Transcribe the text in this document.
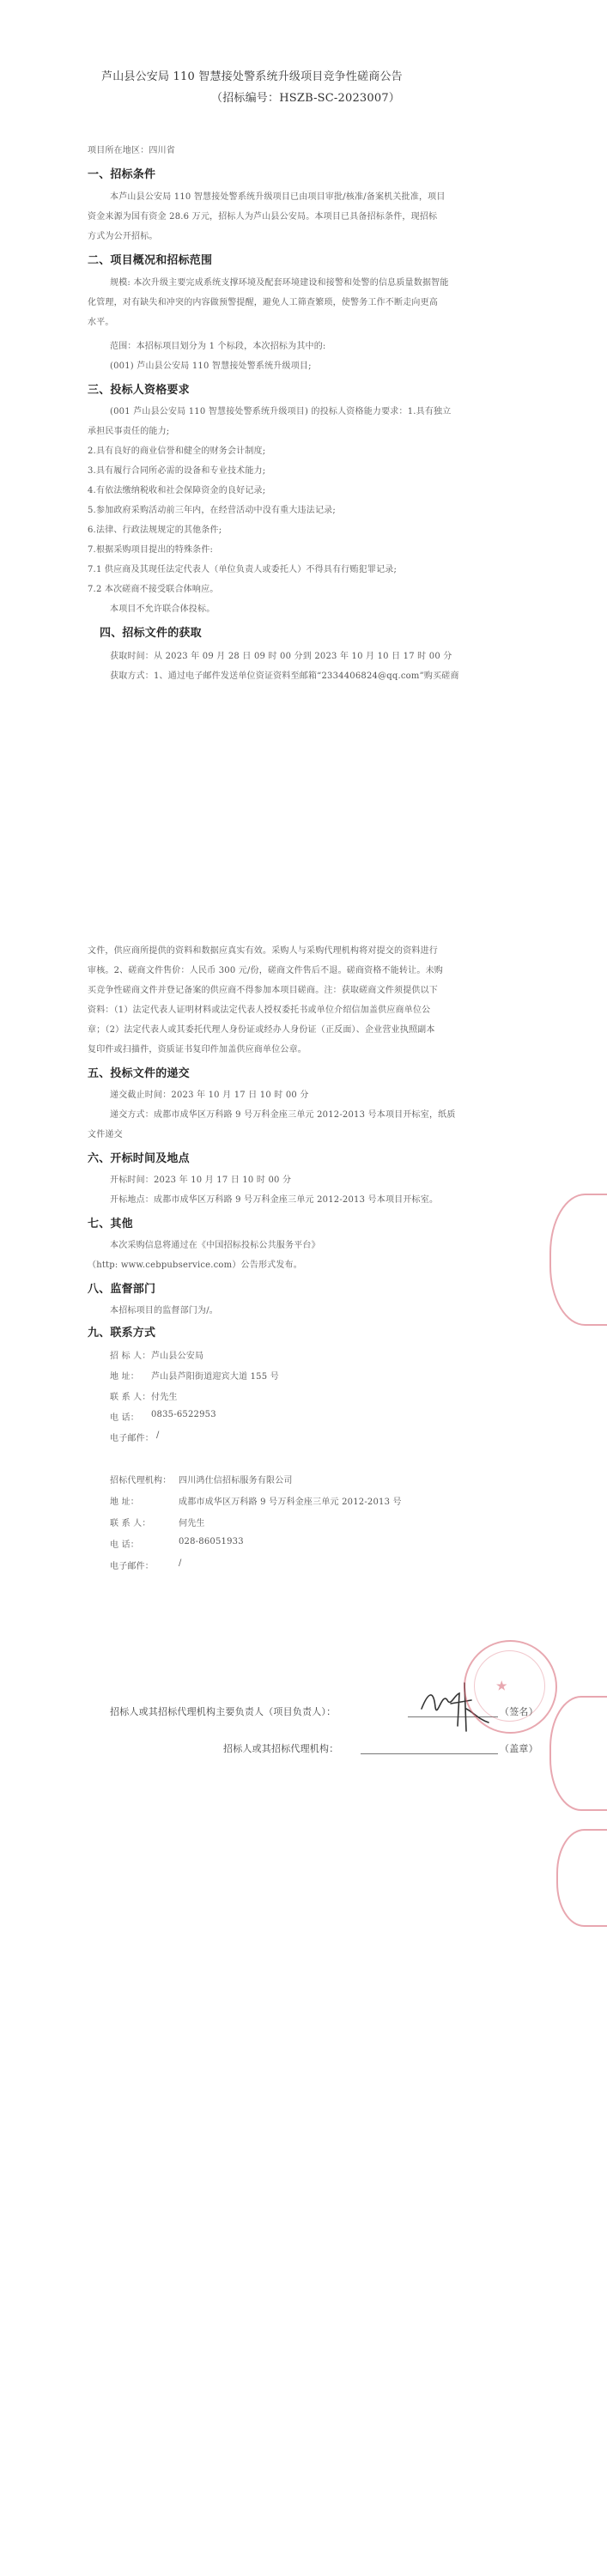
芦山县公安局 110 智慧接处警系统升级项目竞争性磋商公告
（招标编号：HSZB-SC-2023007）
项目所在地区：四川省
一、招标条件
本芦山县公安局 110 智慧接处警系统升级项目已由项目审批/核准/备案机关批准，项目
资金来源为国有资金 28.6 万元，招标人为芦山县公安局。本项目已具备招标条件，现招标
方式为公开招标。
二、项目概况和招标范围
规模: 本次升级主要完成系统支撑环境及配套环境建设和接警和处警的信息质量数据智能
化管理，对有缺失和冲突的内容做预警提醒，避免人工筛查繁琐，使警务工作不断走向更高
水平。
范围：本招标项目划分为 1 个标段，本次招标为其中的:
(001) 芦山县公安局 110 智慧接处警系统升级项目;
三、投标人资格要求
(001 芦山县公安局 110 智慧接处警系统升级项目) 的投标人资格能力要求：1.具有独立
承担民事责任的能力;
2.具有良好的商业信誉和健全的财务会计制度;
3.具有履行合同所必需的设备和专业技术能力;
4.有依法缴纳税收和社会保障资金的良好记录;
5.参加政府采购活动前三年内，在经营活动中没有重大违法记录;
6.法律、行政法规规定的其他条件;
7.根据采购项目提出的特殊条件:
7.1 供应商及其现任法定代表人（单位负责人或委托人）不得具有行贿犯罪记录;
7.2 本次磋商不接受联合体响应。
本项目不允许联合体投标。
四、招标文件的获取
获取时间：从 2023 年 09 月 28 日 09 时 00 分到 2023 年 10 月 10 日 17 时 00 分
获取方式：1、通过电子邮件发送单位资证资料至邮箱“2334406824@qq.com”购买磋商
文件，供应商所提供的资料和数据应真实有效。采购人与采购代理机构将对提交的资料进行
审核。2、磋商文件售价：人民币 300 元/份，磋商文件售后不退。磋商资格不能转让。未购
买竞争性磋商文件并登记备案的供应商不得参加本项目磋商。注：获取磋商文件须提供以下
资料：（1）法定代表人证明材料或法定代表人授权委托书或单位介绍信加盖供应商单位公
章；（2）法定代表人或其委托代理人身份证或经办人身份证（正反面）、企业营业执照副本
复印件或扫描件，资质证书复印件加盖供应商单位公章。
五、投标文件的递交
递交截止时间：2023 年 10 月 17 日 10 时 00 分
递交方式：成都市成华区万科路 9 号万科金座三单元 2012-2013 号本项目开标室，纸质
文件递交
六、开标时间及地点
开标时间：2023 年 10 月 17 日 10 时 00 分
开标地点：成都市成华区万科路 9 号万科金座三单元 2012-2013 号本项目开标室。
七、其他
本次采购信息将通过在《中国招标投标公共服务平台》
（http: www.cebpubservice.com）公告形式发布。
八、监督部门
本招标项目的监督部门为/。
九、联系方式
招 标 人： 芦山县公安局
地 址： 芦山县芦阳街道迎宾大道 155 号
联 系 人： 付先生
电 话： 0835-6522953
电子邮件： /
招标代理机构： 四川鸿仕信招标服务有限公司
地 址：	成都市成华区万科路 9 号万科金座三单元 2012-2013 号
联 系 人：	何先生
电 话：	028-86051933
电子邮件：	/
招标人或其招标代理机构主要负责人（项目负责人）：	（签名）
招标人或其招标代理机构：	（盖章）
★
